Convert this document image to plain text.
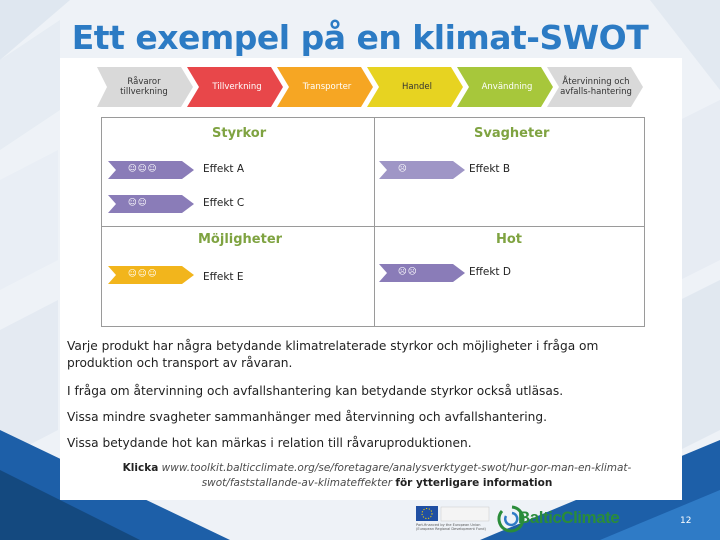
Ett exempel på en klimat-SWOT
Råvaror tillverkning	Tillverkning	Transporter	Handel	Användning	Återvinning och avfalls-hantering
Styrkor
☺☺☺	Effekt A
☺☺	Effekt C
Svagheter
☹	Effekt B
Möjligheter
☺☺☺	Effekt E
Hot
☹☹	Effekt D
Varje produkt har några betydande klimatrelaterade styrkor och möjligheter i fråga om produktion och transport av råvaran.
I fråga om återvinning och avfallshantering kan betydande styrkor också utläsas.
Vissa mindre svagheter sammanhänger med återvinning och avfallshantering.
Vissa betydande hot kan märkas i relation till råvaruproduktionen.
Klicka www.toolkit.balticclimate.org/se/foretagare/analysverktyget-swot/hur-gor-man-en-klimat-swot/faststallande-av-klimateffekter för ytterligare information
Part-financed by the European Union (European Regional Development Fund)
BalticClimate	12
